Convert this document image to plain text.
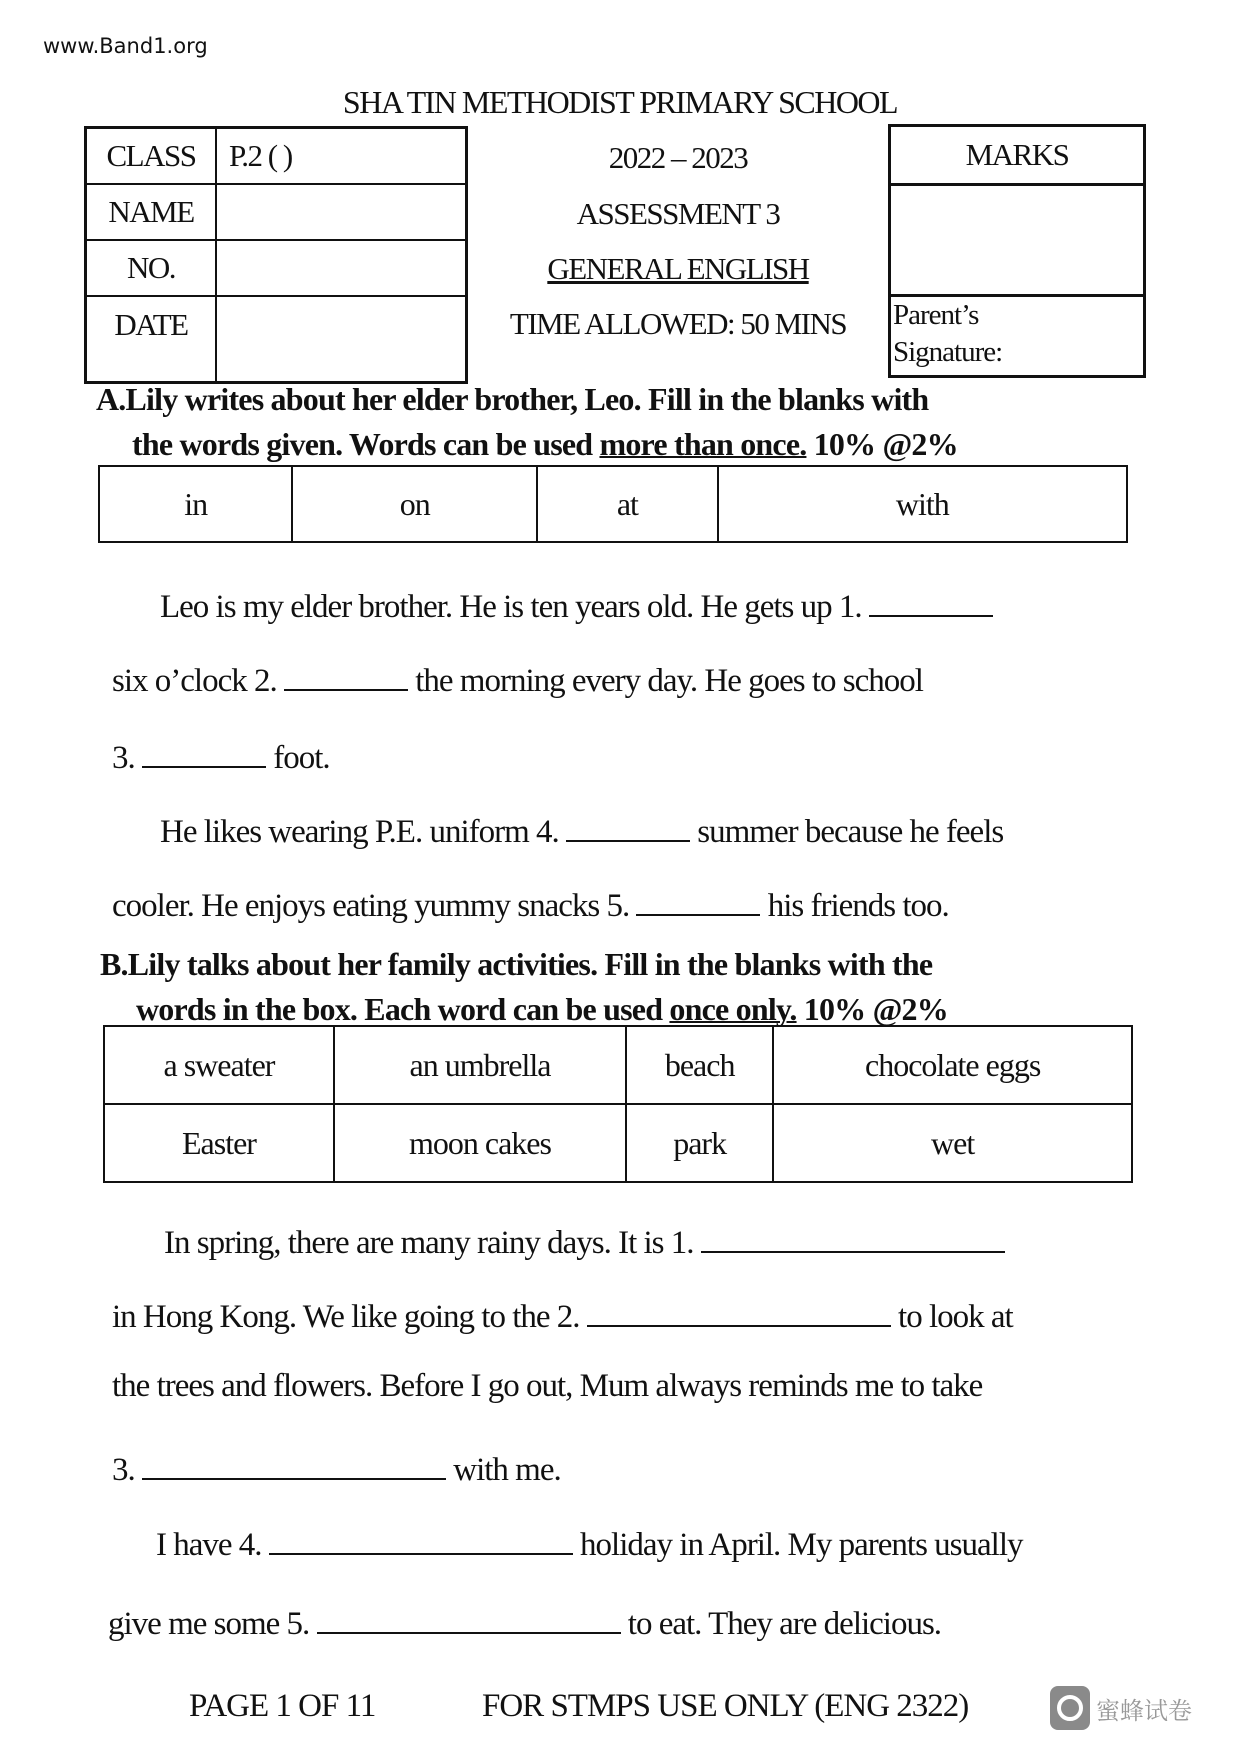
www.Band1.org
SHA TIN METHODIST PRIMARY SCHOOL
CLASS	P.2 ( )
NAME	
NO.	
DATE	
2022 – 2023
ASSESSMENT 3
GENERAL ENGLISH
TIME ALLOWED: 50 MINS
MARKS
Parent’s
Signature:
A.Lily writes about her elder brother, Leo. Fill in the blanks with
the words given. Words can be used more than once. 10% @2%
in	on	at	with
Leo is my elder brother. He is ten years old. He gets up 1.
six o’clock 2.	the morning every day. He goes to school
3.	foot.
He likes wearing P.E. uniform 4.	summer because he feels
cooler. He enjoys eating yummy snacks 5.	his friends too.
B.Lily talks about her family activities. Fill in the blanks with the
words in the box. Each word can be used once only. 10% @2%
a sweater	an umbrella	beach	chocolate eggs
Easter	moon cakes	park	wet
In spring, there are many rainy days. It is 1.
in Hong Kong. We like going to the 2.	to look at
the trees and flowers. Before I go out, Mum always reminds me to take
3.	with me.
I have 4.	holiday in April. My parents usually
give me some 5.	to eat. They are delicious.
PAGE 1 OF 11	FOR STMPS USE ONLY (ENG 2322)	蜜蜂试卷
